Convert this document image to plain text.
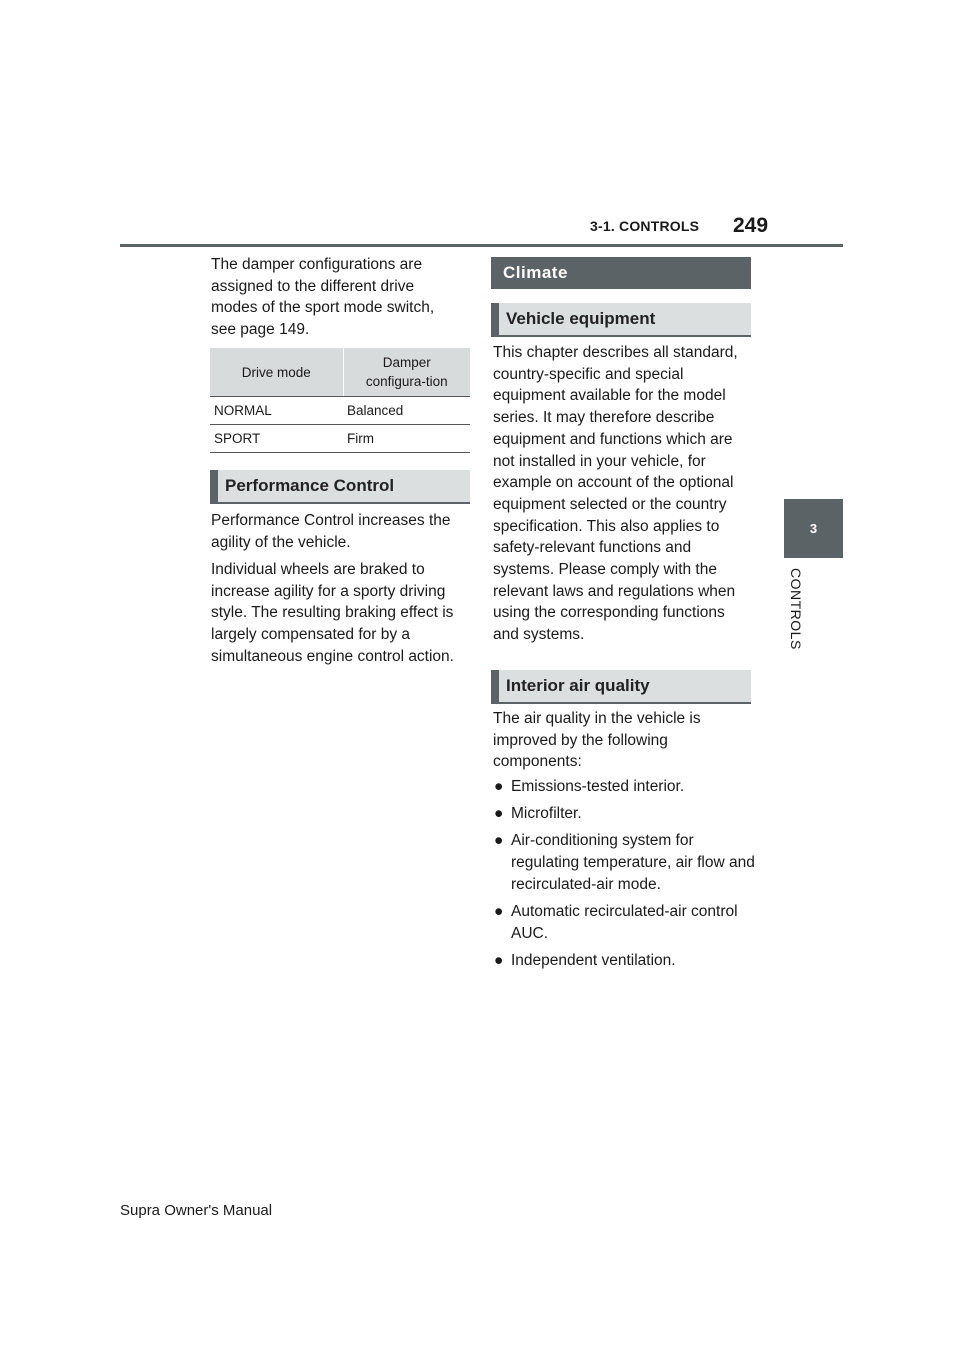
3-1. CONTROLS 249
3
CONTROLS

The damper configurations are assigned to the different drive modes of the sport mode switch, see page 149.

Drive mode	Damper configura-tion
NORMAL	Balanced
SPORT	Firm
Performance Control

Performance Control increases the agility of the vehicle.

Individual wheels are braked to increase agility for a sporty driving style. The resulting braking effect is largely compensated for by a simultaneous engine control action.

Climate
Vehicle equipment

This chapter describes all standard, country-specific and special equipment available for the model series. It may therefore describe equipment and functions which are not installed in your vehicle, for example on account of the optional equipment selected or the country specification. This also applies to safety-relevant functions and systems. Please comply with the relevant laws and regulations when using the corresponding functions and systems.

Interior air quality

The air quality in the vehicle is improved by the following components:

● Emissions-tested interior.
● Microfilter.
● Air-conditioning system for regulating temperature, air flow and recirculated-air mode.
● Automatic recirculated-air control AUC.
● Independent ventilation.
Supra Owner's Manual
